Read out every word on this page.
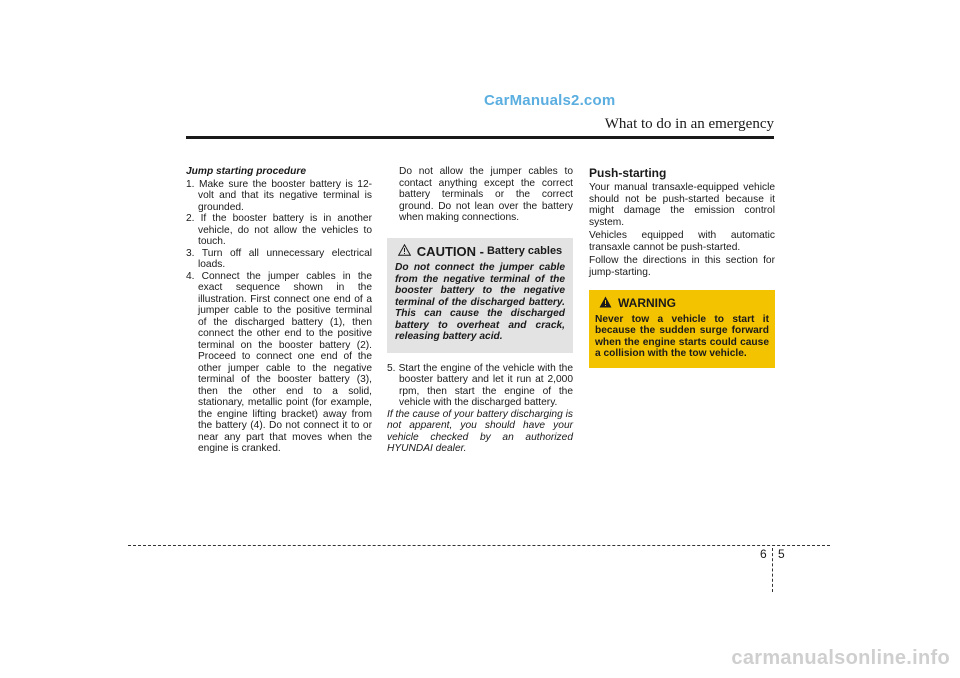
CarManuals2.com
What to do in an emergency
Jump starting procedure

1. Make sure the booster battery is 12-volt and that its negative terminal is grounded.

2. If the booster battery is in another vehicle, do not allow the vehicles to touch.

3. Turn off all unnecessary electrical loads.

4. Connect the jumper cables in the exact sequence shown in the illustration. First connect one end of a jumper cable to the positive terminal of the discharged battery (1), then connect the other end to the positive terminal on the booster battery (2). Proceed to connect one end of the other jumper cable to the negative terminal of the booster battery (3), then the other end to a solid, stationary, metallic point (for example, the engine lifting bracket) away from the battery (4). Do not connect it to or near any part that moves when the engine is cranked.

Do not allow the jumper cables to contact anything except the correct battery terminals or the correct ground. Do not lean over the battery when making connections.

CAUTION - Battery cables
Do not connect the jumper cable from the negative terminal of the booster battery to the negative terminal of the discharged battery. This can cause the discharged battery to overheat and crack, releasing battery acid.

5. Start the engine of the vehicle with the booster battery and let it run at 2,000 rpm, then start the engine of the vehicle with the discharged battery.

If the cause of your battery discharging is not apparent, you should have your vehicle checked by an authorized HYUNDAI dealer.

Push-starting

Your manual transaxle-equipped vehicle should not be push-started because it might damage the emission control system.

Vehicles equipped with automatic transaxle cannot be push-started.

Follow the directions in this section for jump-starting.

WARNING
Never tow a vehicle to start it because the sudden surge forward when the engine starts could cause a collision with the tow vehicle.
6 5
carmanualsonline.info
